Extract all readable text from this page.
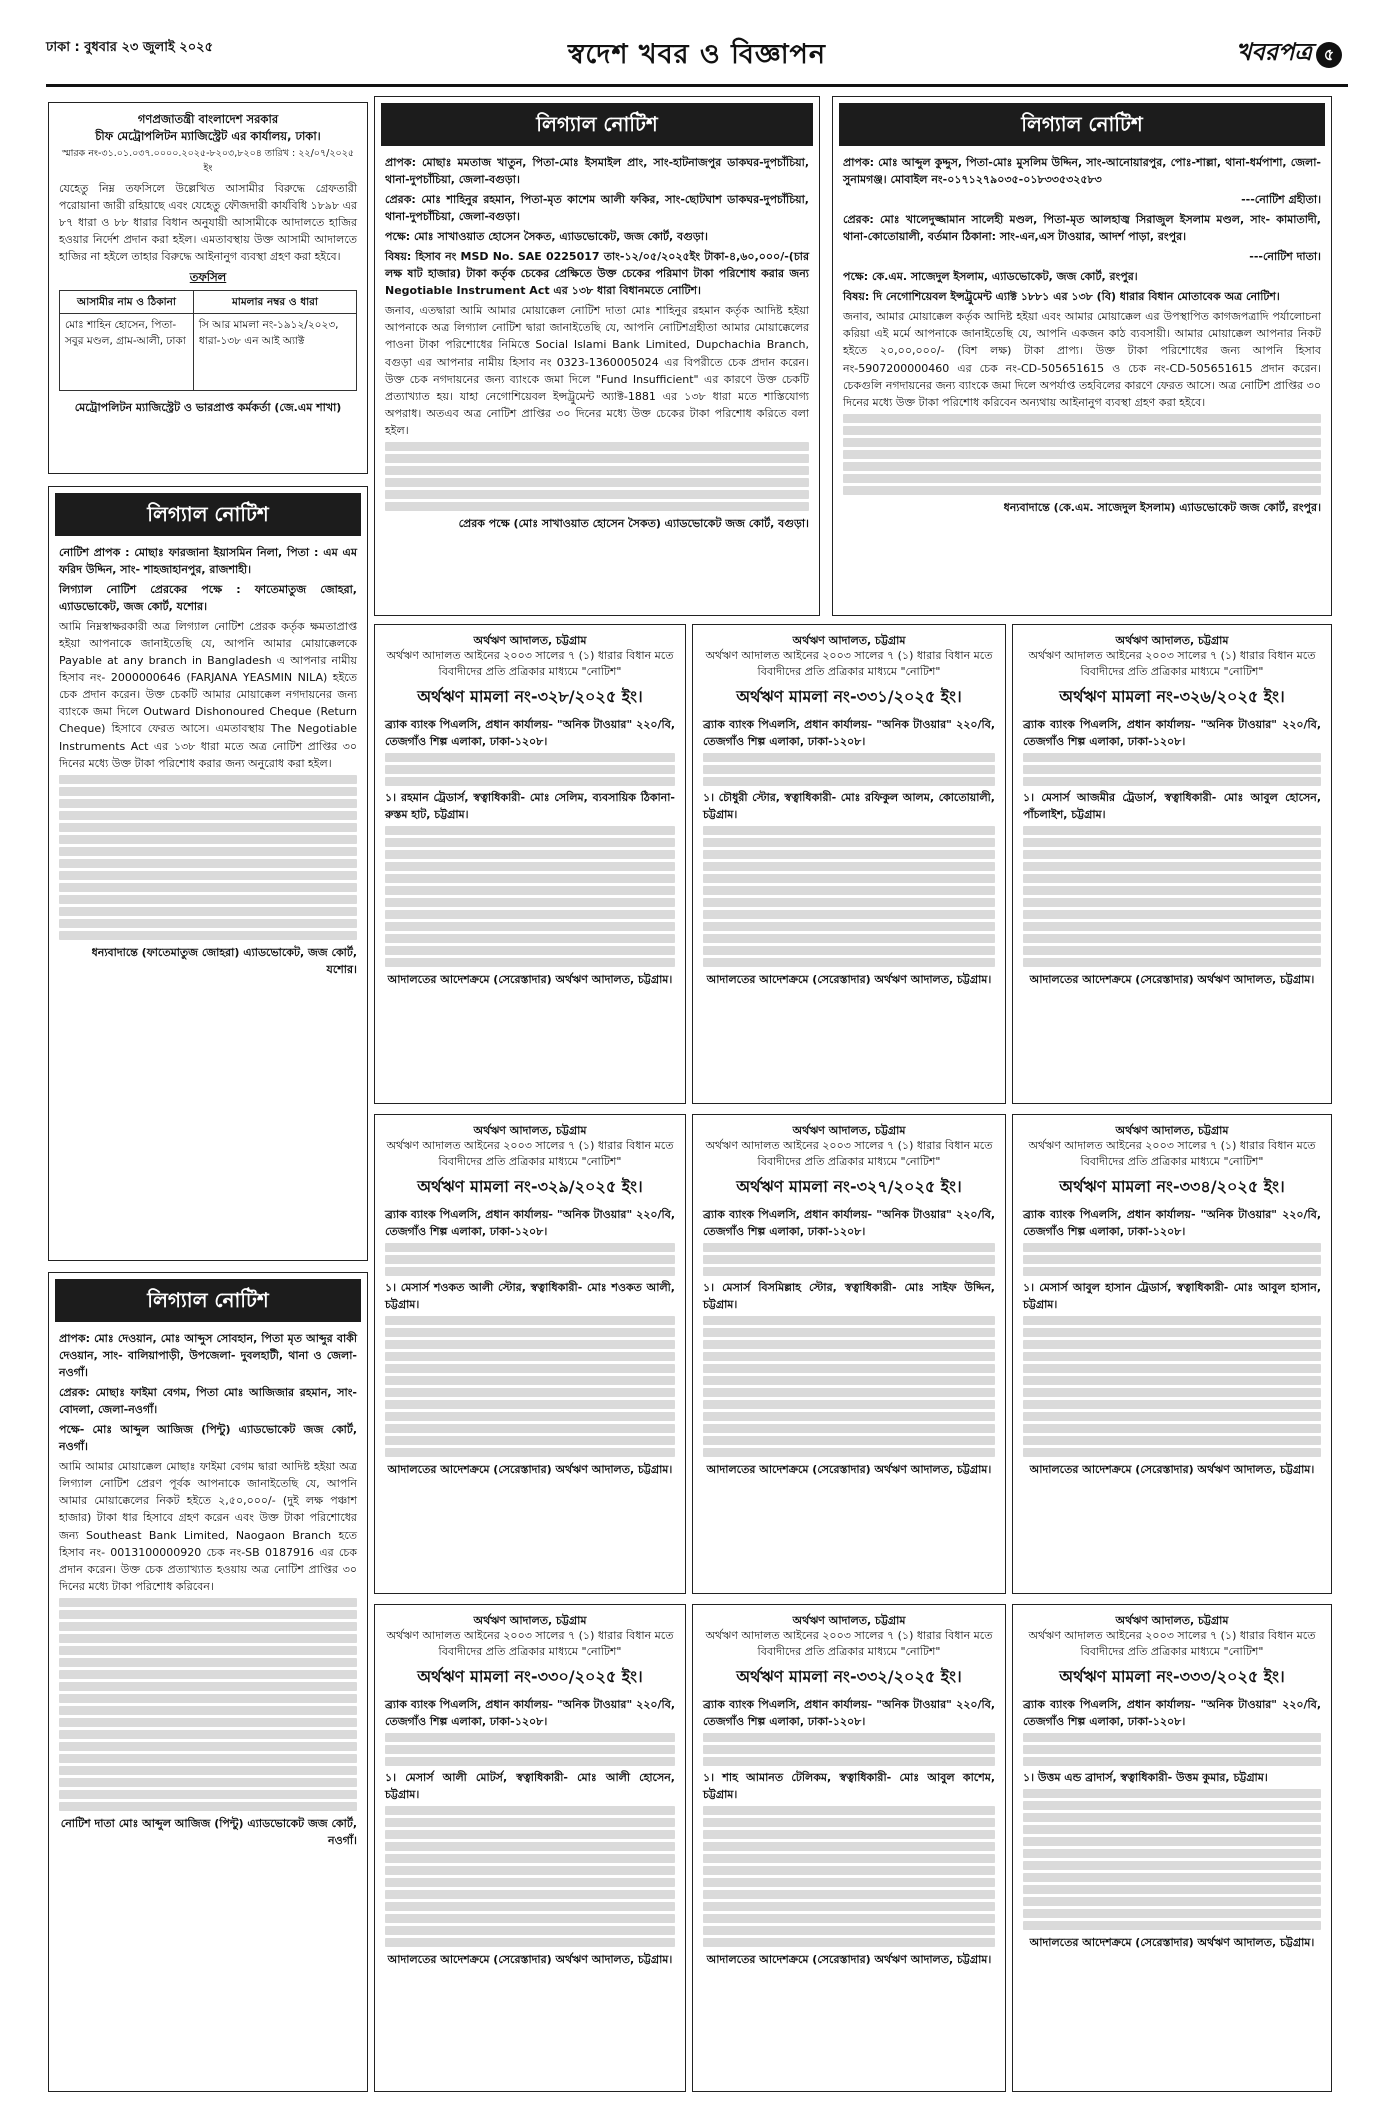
ঢাকা : বুধবার ২৩ জুলাই ২০২৫	স্বদেশ খবর ও বিজ্ঞাপন	খবরপত্র ৫
গণপ্রজাতন্ত্রী বাংলাদেশ সরকার
চীফ মেট্রোপলিটন ম্যাজিস্ট্রেট এর কার্যালয়, ঢাকা।
স্মারক নং-৩১.০১.০৩৭.০০০০.২০২৫-৮২০৩,৮২০৪ তারিখ : ২২/০৭/২০২৫ ইং
যেহেতু নিম্ন তফসিলে উল্লেখিত আসামীর বিরুদ্ধে গ্রেফতারী পরোয়ানা জারী রহিয়াছে এবং যেহেতু ফৌজদারী কার্যবিধি ১৮৯৮ এর ৮৭ ধারা ও ৮৮ ধারার বিধান অনুযায়ী আসামীকে আদালতে হাজির হওয়ার নির্দেশ প্রদান করা হইল। এমতাবস্থায় উক্ত আসামী আদালতে হাজির না হইলে তাহার বিরুদ্ধে আইনানুগ ব্যবস্থা গ্রহণ করা হইবে।
তফসিল
আসামীর নাম ও ঠিকানা	মামলার নম্বর ও ধারা
মোঃ শাহিন হোসেন, পিতা-সবুর মণ্ডল, গ্রাম-আলী, ঢাকা	সি আর মামলা নং-১৯১২/২০২৩, ধারা-১৩৮ এন আই অ্যাক্ট
মেট্রোপলিটন ম্যাজিস্ট্রেট ও ভারপ্রাপ্ত কর্মকর্তা (জে.এম শাখা)
লিগ্যাল নোটিশ
নোটিশ প্রাপক : মোছাঃ ফারজানা ইয়াসমিন নিলা, পিতা : এম এম ফরিদ উদ্দিন, সাং- শাহজাহানপুর, রাজশাহী।
লিগ্যাল নোটিশ প্রেরকের পক্ষে : ফাতেমাতুজ জোহরা, এ্যাডভোকেট, জজ কোর্ট, যশোর।
আমি নিম্নস্বাক্ষরকারী অত্র লিগ্যাল নোটিশ প্রেরক কর্তৃক ক্ষমতাপ্রাপ্ত হইয়া আপনাকে জানাইতেছি যে, আপনি আমার মোয়াক্কেলকে Payable at any branch in Bangladesh এ আপনার নামীয় হিসাব নং- 2000000646 (FARJANA YEASMIN NILA) হইতে চেক প্রদান করেন। উক্ত চেকটি আমার মোয়াক্কেল নগদায়নের জন্য ব্যাংকে জমা দিলে Outward Dishonoured Cheque (Return Cheque) হিসাবে ফেরত আসে। এমতাবস্থায় The Negotiable Instruments Act এর ১৩৮ ধারা মতে অত্র নোটিশ প্রাপ্তির ৩০ দিনের মধ্যে উক্ত টাকা পরিশোধ করার জন্য অনুরোধ করা হইল।
ধন্যবাদান্তে (ফাতেমাতুজ জোহরা) এ্যাডভোকেট, জজ কোর্ট, যশোর।
লিগ্যাল নোটিশ
প্রাপক: মোঃ দেওয়ান, মোঃ আব্দুস সোবহান, পিতা মৃত আব্দুর বাকী দেওয়ান, সাং- বালিয়াপাড়ী, উপজেলা- দুবলহাটী, থানা ও জেলা-নওগাঁ।
প্রেরক: মোছাঃ ফাইমা বেগম, পিতা মোঃ আজিজার রহমান, সাং-বোদলা, জেলা-নওগাঁ।
পক্ষে- মোঃ আব্দুল আজিজ (পিন্টু) এ্যাডভোকেট জজ কোর্ট, নওগাঁ।
আমি আমার মোয়াক্কেল মোছাঃ ফাইমা বেগম দ্বারা আদিষ্ট হইয়া অত্র লিগ্যাল নোটিশ প্রেরণ পূর্বক আপনাকে জানাইতেছি যে, আপনি আমার মোয়াক্কেলের নিকট হইতে ২,৫০,০০০/- (দুই লক্ষ পঞ্চাশ হাজার) টাকা ধার হিসাবে গ্রহণ করেন এবং উক্ত টাকা পরিশোধের জন্য Southeast Bank Limited, Naogaon Branch হতে হিসাব নং- 0013100000920 চেক নং-SB 0187916 এর চেক প্রদান করেন। উক্ত চেক প্রত্যাখ্যাত হওয়ায় অত্র নোটিশ প্রাপ্তির ৩০ দিনের মধ্যে টাকা পরিশোধ করিবেন।
নোটিশ দাতা মোঃ আব্দুল আজিজ (পিন্টু) এ্যাডভোকেট জজ কোর্ট, নওগাঁ।
লিগ্যাল নোটিশ
প্রাপক: মোছাঃ মমতাজ খাতুন, পিতা-মোঃ ইসমাইল প্রাং, সাং-হাটনাজপুর ডাকঘর-দুপচাঁচিয়া, থানা-দুপচাঁচিয়া, জেলা-বগুড়া।
প্রেরক: মোঃ শাহিনুর রহমান, পিতা-মৃত কাশেম আলী ফকির, সাং-ছোটঘাশ ডাকঘর-দুপচাঁচিয়া, থানা-দুপচাঁচিয়া, জেলা-বগুড়া।
পক্ষে: মোঃ সাখাওয়াত হোসেন সৈকত, এ্যাডভোকেট, জজ কোর্ট, বগুড়া।
বিষয়: হিসাব নং MSD No. SAE 0225017 তাং-১২/০৫/২০২৫ইং টাকা-৪,৬০,০০০/-(চার লক্ষ ষাট হাজার) টাকা কর্তৃক চেকের প্রেক্ষিতে উক্ত চেকের পরিমাণ টাকা পরিশোধ করার জন্য Negotiable Instrument Act এর ১৩৮ ধারা বিধানমতে নোটিশ।
জনাব, এতদ্বারা আমি আমার মোয়াক্কেল নোটিশ দাতা মোঃ শাহিনুর রহমান কর্তৃক আদিষ্ট হইয়া আপনাকে অত্র লিগ্যাল নোটিশ দ্বারা জানাইতেছি যে, আপনি নোটিশগ্রহীতা আমার মোয়াক্কেলের পাওনা টাকা পরিশোধের নিমিত্তে Social Islami Bank Limited, Dupchachia Branch, বগুড়া এর আপনার নামীয় হিসাব নং 0323-1360005024 এর বিপরীতে চেক প্রদান করেন। উক্ত চেক নগদায়নের জন্য ব্যাংকে জমা দিলে "Fund Insufficient" এর কারণে উক্ত চেকটি প্রত্যাখ্যাত হয়। যাহা নেগোশিয়েবল ইন্সট্রুমেন্ট অ্যাক্ট-1881 এর ১৩৮ ধারা মতে শাস্তিযোগ্য অপরাধ। অতএব অত্র নোটিশ প্রাপ্তির ৩০ দিনের মধ্যে উক্ত চেকের টাকা পরিশোধ করিতে বলা হইল।
প্রেরক পক্ষে (মোঃ সাখাওয়াত হোসেন সৈকত) এ্যাডভোকেট জজ কোর্ট, বগুড়া।
লিগ্যাল নোটিশ
প্রাপক: মোঃ আব্দুল কুদ্দুস, পিতা-মোঃ মুসলিম উদ্দিন, সাং-আনোয়ারপুর, পোঃ-শাল্লা, থানা-ধর্মপাশা, জেলা-সুনামগঞ্জ। মোবাইল নং-০১৭১২৭৯০৩৫-০১৮৩৩৫৩২৫৮৩
---নোটিশ গ্রহীতা।
প্রেরক: মোঃ খালেদুজ্জামান সালেহী মণ্ডল, পিতা-মৃত আলহাজ্ব সিরাজুল ইসলাম মণ্ডল, সাং- কামাতাদী, থানা-কোতোয়ালী, বর্তমান ঠিকানা: সাং-এন,এস টাওয়ার, আদর্শ পাড়া, রংপুর।
---নোটিশ দাতা।
পক্ষে: কে.এম. সাজেদুল ইসলাম, এ্যাডভোকেট, জজ কোর্ট, রংপুর।
বিষয়: দি নেগোশিয়েবল ইন্সট্রুমেন্ট এ্যাক্ট ১৮৮১ এর ১৩৮ (বি) ধারার বিধান মোতাবেক অত্র নোটিশ।
জনাব, আমার মোয়াক্কেল কর্তৃক আদিষ্ট হইয়া এবং আমার মোয়াক্কেল এর উপস্থাপিত কাগজপত্রাদি পর্যালোচনা করিয়া এই মর্মে আপনাকে জানাইতেছি যে, আপনি একজন কাঠ ব্যবসায়ী। আমার মোয়াক্কেল আপনার নিকট হইতে ২০,০০,০০০/- (বিশ লক্ষ) টাকা প্রাপ্য। উক্ত টাকা পরিশোধের জন্য আপনি হিসাব নং-5907200000460 এর চেক নং-CD-505651615 ও চেক নং-CD-505651615 প্রদান করেন। চেকগুলি নগদায়নের জন্য ব্যাংকে জমা দিলে অপর্যাপ্ত তহবিলের কারণে ফেরত আসে। অত্র নোটিশ প্রাপ্তির ৩০ দিনের মধ্যে উক্ত টাকা পরিশোধ করিবেন অন্যথায় আইনানুগ ব্যবস্থা গ্রহণ করা হইবে।
ধন্যবাদান্তে (কে.এম. সাজেদুল ইসলাম) এ্যাডভোকেট জজ কোর্ট, রংপুর।
অর্থঋণ আদালত, চট্টগ্রাম
অর্থঋণ আদালত আইনের ২০০৩ সালের ৭ (১) ধারার বিধান মতে বিবাদীদের প্রতি প্রত্রিকার মাধ্যমে "নোটিশ"
অর্থঋণ মামলা নং-৩২৮/২০২৫ ইং।
ব্র্যাক ব্যাংক পিএলসি, প্রধান কার্যালয়- "অনিক টাওয়ার" ২২০/বি, তেজগাঁও শিল্প এলাকা, ঢাকা-১২০৮।
১। রহমান ট্রেডার্স, স্বত্বাধিকারী- মোঃ সেলিম, ব্যবসায়িক ঠিকানা- রুস্তম হাট, চট্টগ্রাম।
আদালতের আদেশক্রমে (সেরেস্তাদার) অর্থঋণ আদালত, চট্টগ্রাম।
অর্থঋণ আদালত, চট্টগ্রাম
অর্থঋণ আদালত আইনের ২০০৩ সালের ৭ (১) ধারার বিধান মতে বিবাদীদের প্রতি প্রত্রিকার মাধ্যমে "নোটিশ"
অর্থঋণ মামলা নং-৩৩১/২০২৫ ইং।
ব্র্যাক ব্যাংক পিএলসি, প্রধান কার্যালয়- "অনিক টাওয়ার" ২২০/বি, তেজগাঁও শিল্প এলাকা, ঢাকা-১২০৮।
১। চৌধুরী স্টোর, স্বত্বাধিকারী- মোঃ রফিকুল আলম, কোতোয়ালী, চট্টগ্রাম।
আদালতের আদেশক্রমে (সেরেস্তাদার) অর্থঋণ আদালত, চট্টগ্রাম।
অর্থঋণ আদালত, চট্টগ্রাম
অর্থঋণ আদালত আইনের ২০০৩ সালের ৭ (১) ধারার বিধান মতে বিবাদীদের প্রতি প্রত্রিকার মাধ্যমে "নোটিশ"
অর্থঋণ মামলা নং-৩২৬/২০২৫ ইং।
ব্র্যাক ব্যাংক পিএলসি, প্রধান কার্যালয়- "অনিক টাওয়ার" ২২০/বি, তেজগাঁও শিল্প এলাকা, ঢাকা-১২০৮।
১। মেসার্স আজমীর ট্রেডার্স, স্বত্বাধিকারী- মোঃ আবুল হোসেন, পাঁচলাইশ, চট্টগ্রাম।
আদালতের আদেশক্রমে (সেরেস্তাদার) অর্থঋণ আদালত, চট্টগ্রাম।
অর্থঋণ আদালত, চট্টগ্রাম
অর্থঋণ আদালত আইনের ২০০৩ সালের ৭ (১) ধারার বিধান মতে বিবাদীদের প্রতি প্রত্রিকার মাধ্যমে "নোটিশ"
অর্থঋণ মামলা নং-৩২৯/২০২৫ ইং।
ব্র্যাক ব্যাংক পিএলসি, প্রধান কার্যালয়- "অনিক টাওয়ার" ২২০/বি, তেজগাঁও শিল্প এলাকা, ঢাকা-১২০৮।
১। মেসার্স শওকত আলী স্টোর, স্বত্বাধিকারী- মোঃ শওকত আলী, চট্টগ্রাম।
আদালতের আদেশক্রমে (সেরেস্তাদার) অর্থঋণ আদালত, চট্টগ্রাম।
অর্থঋণ আদালত, চট্টগ্রাম
অর্থঋণ আদালত আইনের ২০০৩ সালের ৭ (১) ধারার বিধান মতে বিবাদীদের প্রতি প্রত্রিকার মাধ্যমে "নোটিশ"
অর্থঋণ মামলা নং-৩২৭/২০২৫ ইং।
ব্র্যাক ব্যাংক পিএলসি, প্রধান কার্যালয়- "অনিক টাওয়ার" ২২০/বি, তেজগাঁও শিল্প এলাকা, ঢাকা-১২০৮।
১। মেসার্স বিসমিল্লাহ স্টোর, স্বত্বাধিকারী- মোঃ সাইফ উদ্দিন, চট্টগ্রাম।
আদালতের আদেশক্রমে (সেরেস্তাদার) অর্থঋণ আদালত, চট্টগ্রাম।
অর্থঋণ আদালত, চট্টগ্রাম
অর্থঋণ আদালত আইনের ২০০৩ সালের ৭ (১) ধারার বিধান মতে বিবাদীদের প্রতি প্রত্রিকার মাধ্যমে "নোটিশ"
অর্থঋণ মামলা নং-৩৩৪/২০২৫ ইং।
ব্র্যাক ব্যাংক পিএলসি, প্রধান কার্যালয়- "অনিক টাওয়ার" ২২০/বি, তেজগাঁও শিল্প এলাকা, ঢাকা-১২০৮।
১। মেসার্স আবুল হাসান ট্রেডার্স, স্বত্বাধিকারী- মোঃ আবুল হাসান, চট্টগ্রাম।
আদালতের আদেশক্রমে (সেরেস্তাদার) অর্থঋণ আদালত, চট্টগ্রাম।
অর্থঋণ আদালত, চট্টগ্রাম
অর্থঋণ আদালত আইনের ২০০৩ সালের ৭ (১) ধারার বিধান মতে বিবাদীদের প্রতি প্রত্রিকার মাধ্যমে "নোটিশ"
অর্থঋণ মামলা নং-৩৩০/২০২৫ ইং।
ব্র্যাক ব্যাংক পিএলসি, প্রধান কার্যালয়- "অনিক টাওয়ার" ২২০/বি, তেজগাঁও শিল্প এলাকা, ঢাকা-১২০৮।
১। মেসার্স আলী মোটর্স, স্বত্বাধিকারী- মোঃ আলী হোসেন, চট্টগ্রাম।
আদালতের আদেশক্রমে (সেরেস্তাদার) অর্থঋণ আদালত, চট্টগ্রাম।
অর্থঋণ আদালত, চট্টগ্রাম
অর্থঋণ আদালত আইনের ২০০৩ সালের ৭ (১) ধারার বিধান মতে বিবাদীদের প্রতি প্রত্রিকার মাধ্যমে "নোটিশ"
অর্থঋণ মামলা নং-৩৩২/২০২৫ ইং।
ব্র্যাক ব্যাংক পিএলসি, প্রধান কার্যালয়- "অনিক টাওয়ার" ২২০/বি, তেজগাঁও শিল্প এলাকা, ঢাকা-১২০৮।
১। শাহ আমানত টেলিকম, স্বত্বাধিকারী- মোঃ আবুল কাশেম, চট্টগ্রাম।
আদালতের আদেশক্রমে (সেরেস্তাদার) অর্থঋণ আদালত, চট্টগ্রাম।
অর্থঋণ আদালত, চট্টগ্রাম
অর্থঋণ আদালত আইনের ২০০৩ সালের ৭ (১) ধারার বিধান মতে বিবাদীদের প্রতি প্রত্রিকার মাধ্যমে "নোটিশ"
অর্থঋণ মামলা নং-৩৩৩/২০২৫ ইং।
ব্র্যাক ব্যাংক পিএলসি, প্রধান কার্যালয়- "অনিক টাওয়ার" ২২০/বি, তেজগাঁও শিল্প এলাকা, ঢাকা-১২০৮।
১। উত্তম এন্ড ব্রাদার্স, স্বত্বাধিকারী- উত্তম কুমার, চট্টগ্রাম।
আদালতের আদেশক্রমে (সেরেস্তাদার) অর্থঋণ আদালত, চট্টগ্রাম।
